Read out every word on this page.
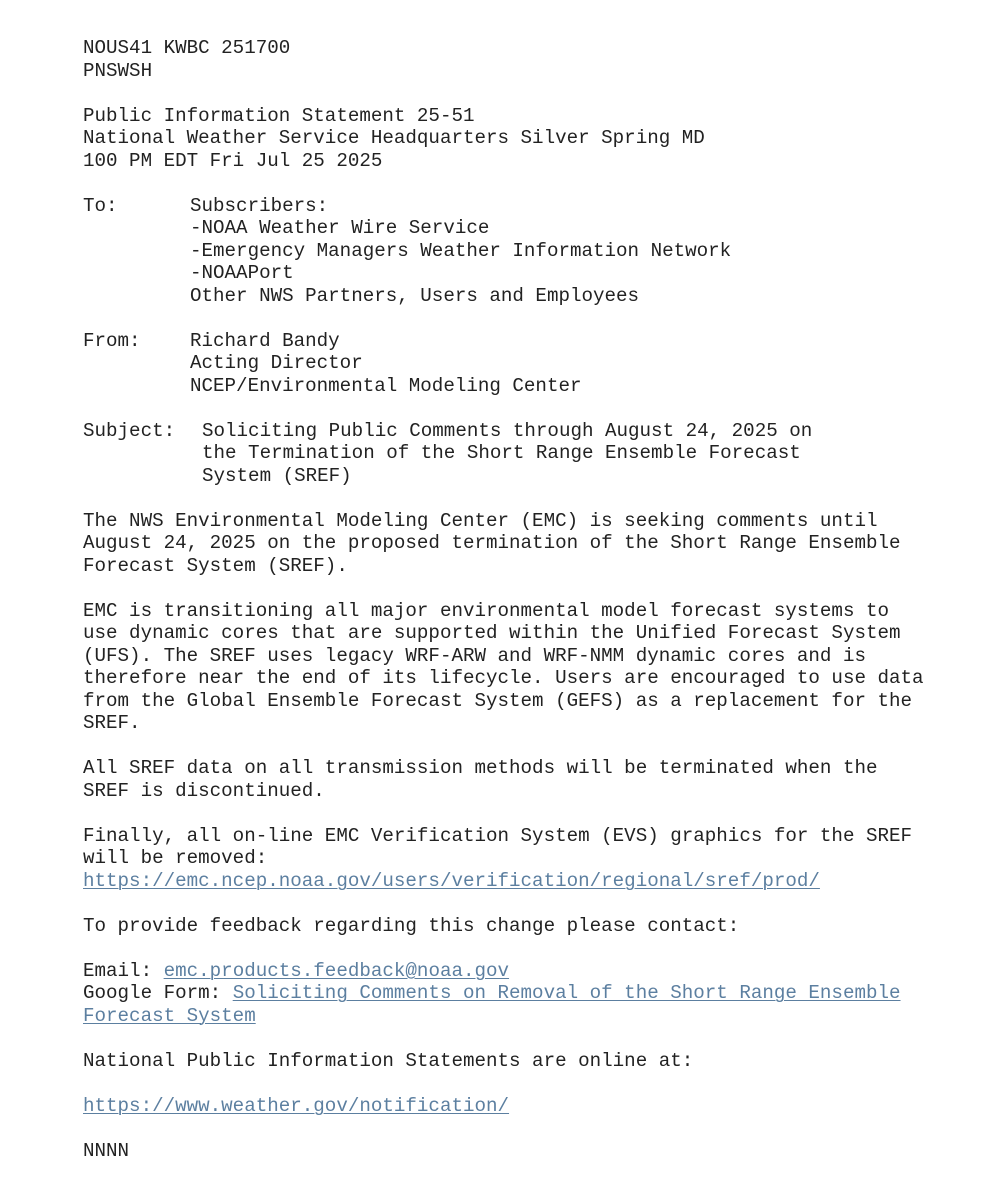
NOUS41 KWBC 251700
PNSWSH
Public Information Statement 25-51
National Weather Service Headquarters Silver Spring MD
100 PM EDT Fri Jul 25 2025
To:	Subscribers:
-NOAA Weather Wire Service
-Emergency Managers Weather Information Network
-NOAAPort
Other NWS Partners, Users and Employees
From:	Richard Bandy
Acting Director
NCEP/Environmental Modeling Center
Subject:	Soliciting Public Comments through August 24, 2025 on
the Termination of the Short Range Ensemble Forecast
System (SREF)
The NWS Environmental Modeling Center (EMC) is seeking comments until
August 24, 2025 on the proposed termination of the Short Range Ensemble
Forecast System (SREF).
EMC is transitioning all major environmental model forecast systems to
use dynamic cores that are supported within the Unified Forecast System
(UFS). The SREF uses legacy WRF-ARW and WRF-NMM dynamic cores and is
therefore near the end of its lifecycle. Users are encouraged to use data
from the Global Ensemble Forecast System (GEFS) as a replacement for the
SREF.
All SREF data on all transmission methods will be terminated when the
SREF is discontinued.
Finally, all on-line EMC Verification System (EVS) graphics for the SREF
will be removed:
https://emc.ncep.noaa.gov/users/verification/regional/sref/prod/
To provide feedback regarding this change please contact:
Email: emc.products.feedback@noaa.gov
Google Form: Soliciting Comments on Removal of the Short Range Ensemble
Forecast System
National Public Information Statements are online at:
https://www.weather.gov/notification/
NNNN
